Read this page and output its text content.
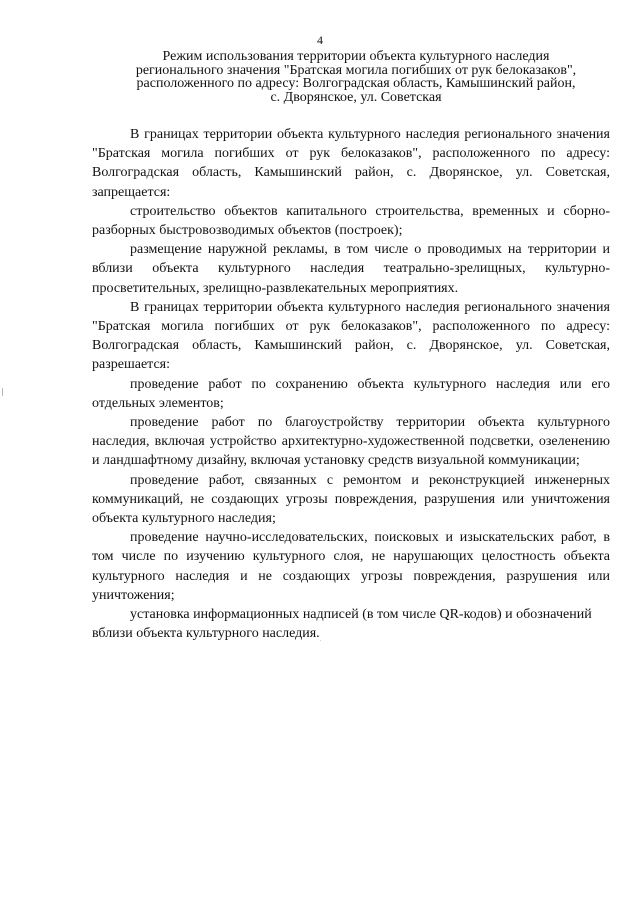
4
Режим использования территории объекта культурного наследия
регионального значения "Братская могила погибших от рук белоказаков",
расположенного по адресу: Волгоградская область, Камышинский район,
с. Дворянское, ул. Советская

В границах территории объекта культурного наследия регионального значения "Братская могила погибших от рук белоказаков", расположенного по адресу: Волгоградская область, Камышинский район, с. Дворянское, ул. Советская, запрещается:

строительство объектов капитального строительства, временных и сборно-разборных быстровозводимых объектов (построек);

размещение наружной рекламы, в том числе о проводимых на территории и вблизи объекта культурного наследия театрально-зрелищных, культурно-просветительных, зрелищно-развлекательных мероприятиях.

В границах территории объекта культурного наследия регионального значения "Братская могила погибших от рук белоказаков", расположенного по адресу: Волгоградская область, Камышинский район, с. Дворянское, ул. Советская, разрешается:

проведение работ по сохранению объекта культурного наследия или его отдельных элементов;

проведение работ по благоустройству территории объекта культурного наследия, включая устройство архитектурно-художественной подсветки, озеленению и ландшафтному дизайну, включая установку средств визуальной коммуникации;

проведение работ, связанных с ремонтом и реконструкцией инженерных коммуникаций, не создающих угрозы повреждения, разрушения или уничтожения объекта культурного наследия;

проведение научно-исследовательских, поисковых и изыскательских работ, в том числе по изучению культурного слоя, не нарушающих целостность объекта культурного наследия и не создающих угрозы повреждения, разрушения или уничтожения;

установка информационных надписей (в том числе QR-кодов) и обозначений вблизи объекта культурного наследия.
